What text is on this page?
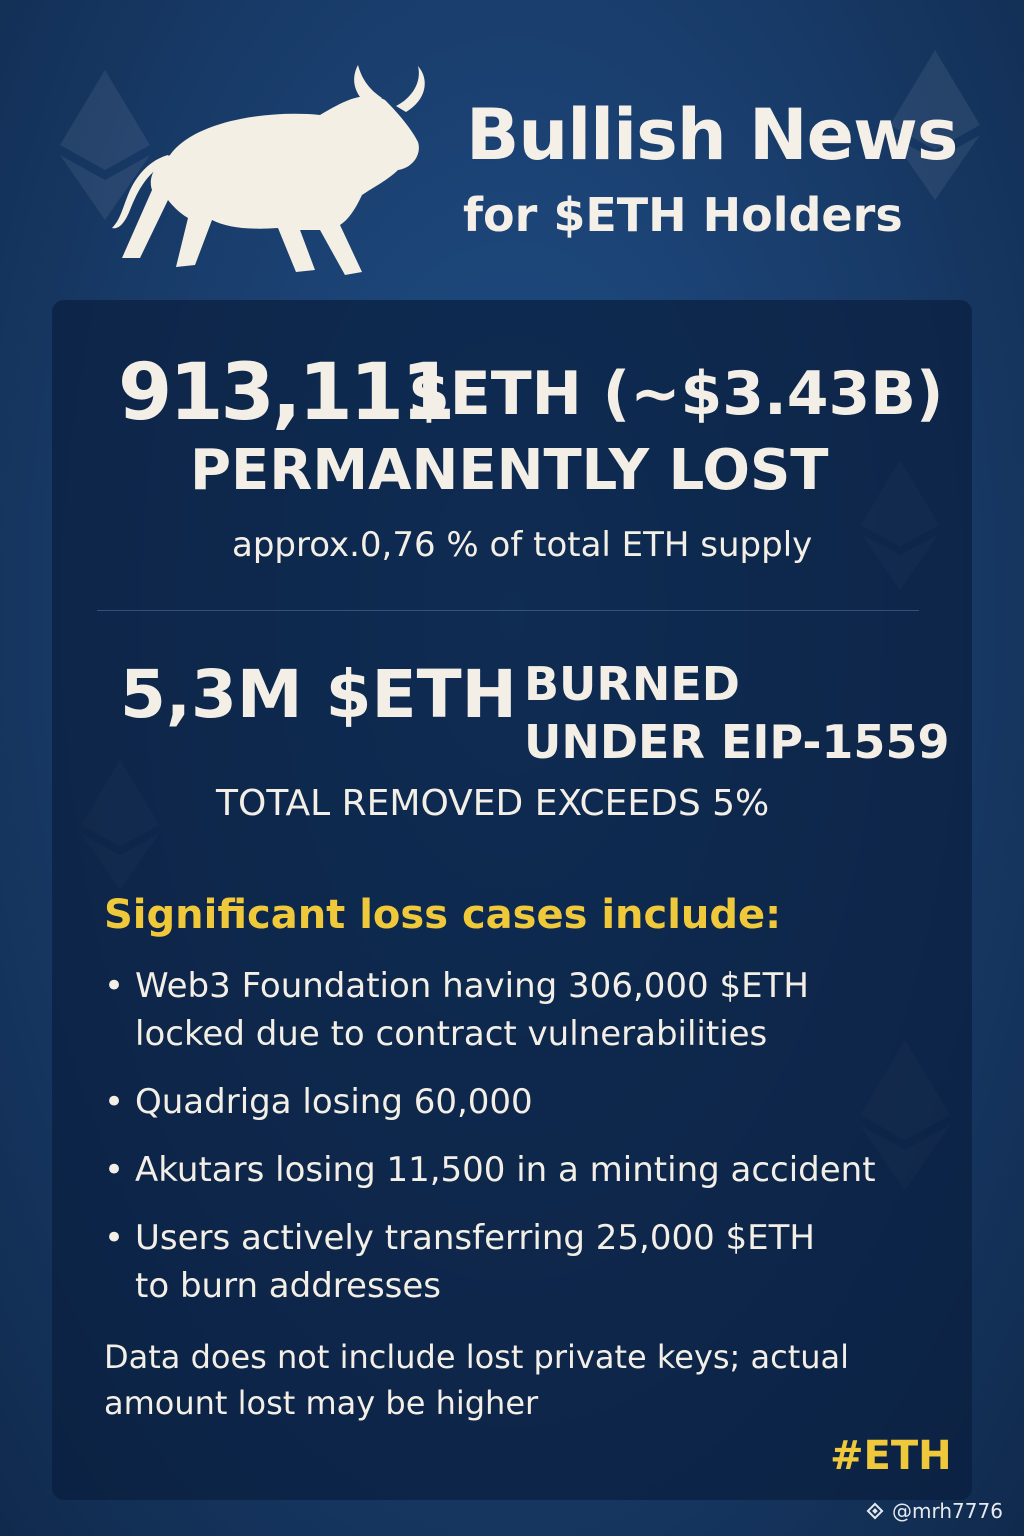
Bullish News
for $ETH Holders
913,111
$ETH (~$3.43B)
PERMANENTLY LOST
approx.0,76 % of total ETH supply
5,3M $ETH BURNED
UNDER EIP-1559
TOTAL REMOVED EXCEEDS 5%
Significant loss cases include:
• Web3 Foundation having 306,000 $ETH
locked due to contract vulnerabilities
• Quadriga losing 60,000
• Akutars losing 11,500 in a minting accident
• Users actively transferring 25,000 $ETH
to burn addresses
Data does not include lost private keys; actual
amount lost may be higher
#ETH
@mrh7776
